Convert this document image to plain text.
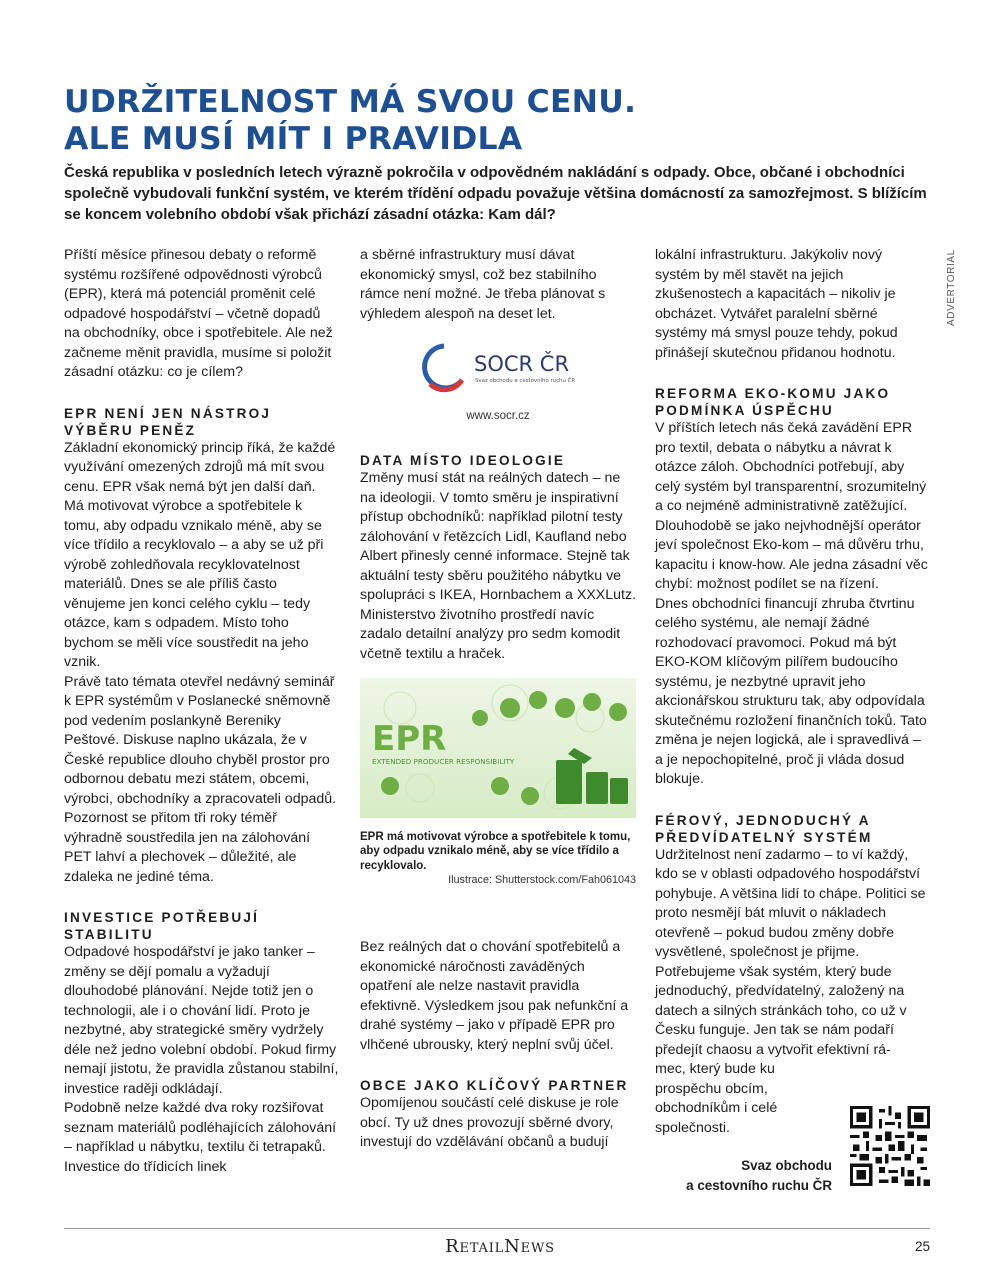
UDRŽITELNOST MÁ SVOU CENU.
ALE MUSÍ MÍT I PRAVIDLA

Česká republika v posledních letech výrazně pokročila v odpovědném nakládání s odpady. Obce, občané i obchodníci společně vybudovali funkční systém, ve kterém třídění odpadu považuje většina domácností za samozřejmost. S blížícím se koncem volebního období však přichází zásadní otázka: Kam dál?

Příští měsíce přinesou debaty o reformě systému rozšířené odpovědnosti výrobců (EPR), která má potenciál proměnit celé odpadové hospodářství – včetně dopadů na obchodníky, obce i spotřebitele. Ale než začneme měnit pravidla, musíme si položit zásadní otázku: co je cílem?

EPR NENÍ JEN NÁSTROJ VÝBĚRU PENĚZ

Základní ekonomický princip říká, že každé využívání omezených zdrojů má mít svou cenu. EPR však nemá být jen další daň. Má motivovat výrobce a spotřebitele k tomu, aby odpadu vznikalo méně, aby se více třídilo a recyklovalo – a aby se už při výrobě zohledňovala recyklovatelnost materiálů. Dnes se ale příliš často věnujeme jen konci celého cyklu – tedy otázce, kam s odpadem. Místo toho bychom se měli více soustředit na jeho vznik.

Právě tato témata otevřel nedávný seminář k EPR systémům v Poslanecké sněmovně pod vedením poslankyně Bereniky Peštové. Diskuse naplno ukázala, že v České republice dlouho chyběl prostor pro odbornou debatu mezi státem, obcemi, výrobci, obchodníky a zpracovateli odpadů. Pozornost se přitom tři roky téměř výhradně soustředila jen na zálohování PET lahví a plechovek – důležité, ale zdaleka ne jediné téma.

INVESTICE POTŘEBUJÍ STABILITU

Odpadové hospodářství je jako tanker – změny se dějí pomalu a vyžadují dlouhodobé plánování. Nejde totiž jen o technologii, ale i o chování lidí. Proto je nezbytné, aby strategické směry vydržely déle než jedno volební období. Pokud firmy nemají jistotu, že pravidla zůstanou stabilní, investice raději odkládají.

Podobně nelze každé dva roky rozšiřovat seznam materiálů podléhajících zálohování – například u nábytku, textilu či tetrapaků. Investice do třídicích linek

a sběrné infrastruktury musí dávat ekonomický smysl, což bez stabilního rámce není možné. Je třeba plánovat s výhledem alespoň na deset let.

SOCR ČR
Svaz obchodu a cestovního ruchu ČR
www.socr.cz
DATA MÍSTO IDEOLOGIE

Změny musí stát na reálných datech – ne na ideologii. V tomto směru je inspirativní přístup obchodníků: například pilotní testy zálohování v řetězcích Lidl, Kaufland nebo Albert přinesly cenné informace. Stejně tak aktuální testy sběru použitého nábytku ve spolupráci s IKEA, Hornbachem a XXXLutz. Ministerstvo životního prostředí navíc zadalo detailní analýzy pro sedm komodit včetně textilu a hraček.

EPR
EXTENDED PRODUCER RESPONSIBILITY
EPR má motivovat výrobce a spotřebitele k tomu, aby odpadu vznikalo méně, aby se více třídilo a recyklovalo.
Ilustrace: Shutterstock.com/Fah061043

Bez reálných dat o chování spotřebitelů a ekonomické náročnosti zaváděných opatření ale nelze nastavit pravidla efektivně. Výsledkem jsou pak nefunkční a drahé systémy – jako v případě EPR pro vlhčené ubrousky, který neplní svůj účel.

OBCE JAKO KLÍČOVÝ PARTNER

Opomíjenou součástí celé diskuse je role obcí. Ty už dnes provozují sběrné dvory, investují do vzdělávání občanů a budují

lokální infrastrukturu. Jakýkoliv nový systém by měl stavět na jejich zkušenostech a kapacitách – nikoliv je obcházet. Vytvářet paralelní sběrné systémy má smysl pouze tehdy, pokud přinášejí skutečnou přidanou hodnotu.

REFORMA EKO-KOMU JAKO PODMÍNKA ÚSPĚCHU

V příštích letech nás čeká zavádění EPR pro textil, debata o nábytku a návrat k otázce záloh. Obchodníci potřebují, aby celý systém byl transparentní, srozumitelný a co nejméně administrativně zatěžující. Dlouhodobě se jako nejvhodnější operátor jeví společnost Eko-kom – má důvěru trhu, kapacitu i know-how. Ale jedna zásadní věc chybí: možnost podílet se na řízení.

Dnes obchodníci financují zhruba čtvrtinu celého systému, ale nemají žádné rozhodovací pravomoci. Pokud má být EKO-KOM klíčovým pilířem budoucího systému, je nezbytné upravit jeho akcionářskou strukturu tak, aby odpovídala skutečnému rozložení finančních toků. Tato změna je nejen logická, ale i spravedlivá – a je nepochopitelné, proč ji vláda dosud blokuje.

FÉROVÝ, JEDNODUCHÝ A PŘEDVÍDATELNÝ SYSTÉM

Udržitelnost není zadarmo – to ví každý, kdo se v oblasti odpadového hospodářství pohybuje. A většina lidí to chápe. Politici se proto nesmějí bát mluvit o nákladech otevřeně – pokud budou změny dobře vysvětlené, společnost je přijme. Potřebujeme však systém, který bude jednoduchý, předvídatelný, založený na datech a silných stránkách toho, co už v Česku funguje. Jen tak se nám podaří předejít chaosu a vytvořit efektivní rá-

mec, který bude ku prospěchu obcím, obchodníkům i celé společnosti.

Svaz obchodu
a cestovního ruchu ČR
ADVERTORIAL
RetailNews	25
